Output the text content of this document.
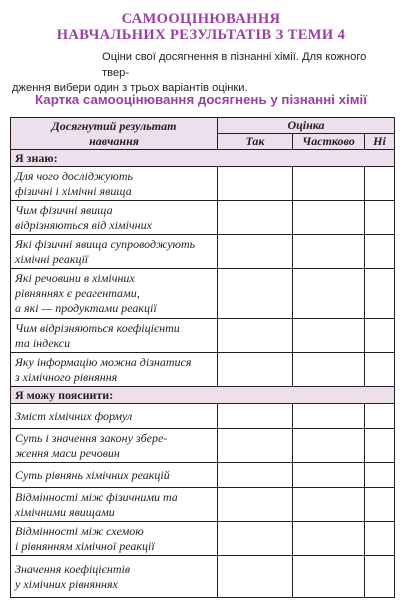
САМООЦІНЮВАННЯ
НАВЧАЛЬНИХ РЕЗУЛЬТАТІВ З ТЕМИ 4
Оціни свої досягнення в пізнанні хімії. Для кожного твер-
дження вибери один з трьох варіантів оцінки.
Картка самооцінювання досягнень у пізнанні хімії
Досягнутий результат
навчання	Оцінка		
	Так	Частково	Ні
Я знаю:			

Для чого досліджують
фізичні і хімічні явища			

Чим фізичні явища
відрізняються від хімічних			

Які фізичні явища супроводжують
хімічні реакції			

Які речовини в хімічних
рівняннях є реагентами,
а які — продуктами реакції			

Чим відрізняються коефіцієнти
та індекси			

Яку інформацію можна дізнатися
з хімічного рівняння			

Я можу пояснити:			

Зміст хімічних формул			

Суть і значення закону збере-
ження маси речовин			

Суть рівнянь хімічних реакцій			

Відмінності між фізичними та
хімічними явищами			

Відмінності між схемою
і рівнянням хімічної реакції			

Значення коефіцієнтів
у хімічних рівняннях			
